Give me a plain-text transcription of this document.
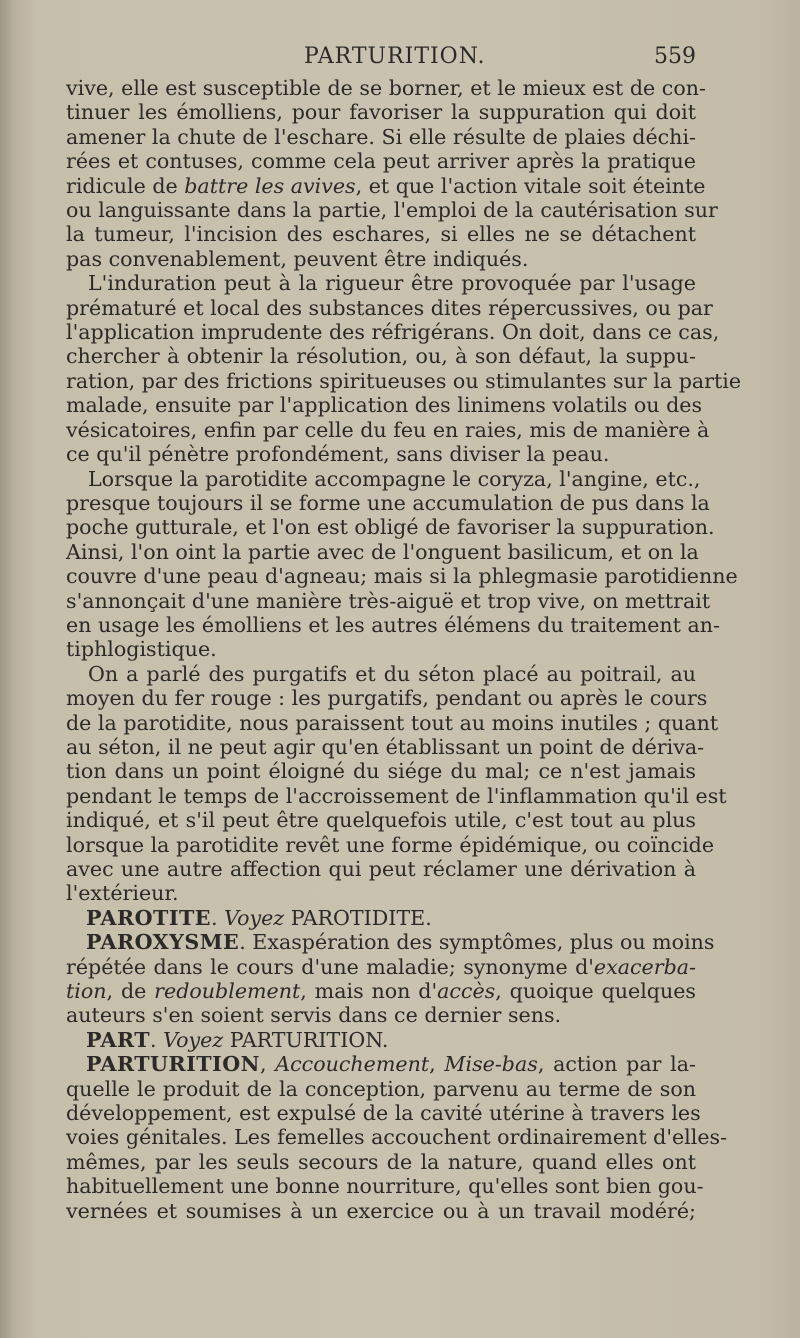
PARTURITION.	559
vive, elle est susceptible de se borner, et le mieux est de con-
tinuer les émolliens, pour favoriser la suppuration qui doit
amener la chute de l'eschare. Si elle résulte de plaies déchi-
rées et contuses, comme cela peut arriver après la pratique
ridicule de battre les avives, et que l'action vitale soit éteinte
ou languissante dans la partie, l'emploi de la cautérisation sur
la tumeur, l'incision des eschares, si elles ne se détachent
pas convenablement, peuvent être indiqués.
L'induration peut à la rigueur être provoquée par l'usage
prématuré et local des substances dites répercussives, ou par
l'application imprudente des réfrigérans. On doit, dans ce cas,
chercher à obtenir la résolution, ou, à son défaut, la suppu-
ration, par des frictions spiritueuses ou stimulantes sur la partie
malade, ensuite par l'application des linimens volatils ou des
vésicatoires, enfin par celle du feu en raies, mis de manière à
ce qu'il pénètre profondément, sans diviser la peau.
Lorsque la parotidite accompagne le coryza, l'angine, etc.,
presque toujours il se forme une accumulation de pus dans la
poche gutturale, et l'on est obligé de favoriser la suppuration.
Ainsi, l'on oint la partie avec de l'onguent basilicum, et on la
couvre d'une peau d'agneau; mais si la phlegmasie parotidienne
s'annonçait d'une manière très-aiguë et trop vive, on mettrait
en usage les émolliens et les autres élémens du traitement an-
tiphlogistique.
On a parlé des purgatifs et du séton placé au poitrail, au
moyen du fer rouge : les purgatifs, pendant ou après le cours
de la parotidite, nous paraissent tout au moins inutiles ; quant
au séton, il ne peut agir qu'en établissant un point de dériva-
tion dans un point éloigné du siége du mal; ce n'est jamais
pendant le temps de l'accroissement de l'inflammation qu'il est
indiqué, et s'il peut être quelquefois utile, c'est tout au plus
lorsque la parotidite revêt une forme épidémique, ou coïncide
avec une autre affection qui peut réclamer une dérivation à
l'extérieur.
PAROTITE. Voyez PAROTIDITE.
PAROXYSME. Exaspération des symptômes, plus ou moins
répétée dans le cours d'une maladie; synonyme d'exacerba-
tion, de redoublement, mais non d'accès, quoique quelques
auteurs s'en soient servis dans ce dernier sens.
PART. Voyez PARTURITION.
PARTURITION, Accouchement, Mise-bas, action par la-
quelle le produit de la conception, parvenu au terme de son
développement, est expulsé de la cavité utérine à travers les
voies génitales. Les femelles accouchent ordinairement d'elles-
mêmes, par les seuls secours de la nature, quand elles ont
habituellement une bonne nourriture, qu'elles sont bien gou-
vernées et soumises à un exercice ou à un travail modéré;
